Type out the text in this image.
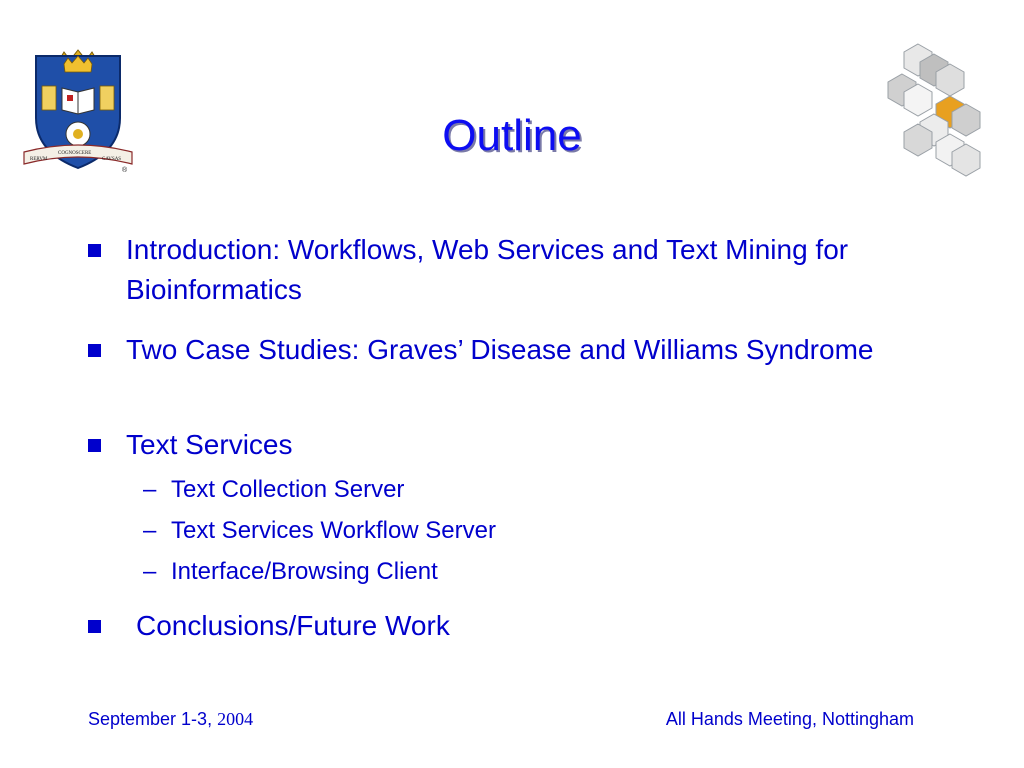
RERVM
COGNOSCERE
CAVSAS
®
Outline
Introduction: Workflows, Web Services and Text Mining for Bioinformatics
Two Case Studies: Graves’ Disease and Williams Syndrome
Text Services
– Text Collection Server
– Text Services Workflow Server
– Interface/Browsing Client
Conclusions/Future Work
September 1-3, 2004	All Hands Meeting, Nottingham
